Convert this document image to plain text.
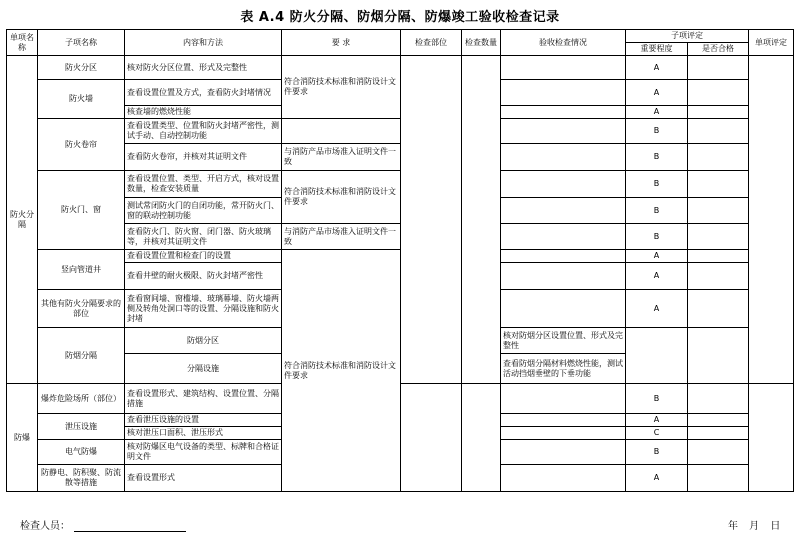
表 A.4 防火分隔、防烟分隔、防爆竣工验收检查记录
单项名称	子项名称	内容和方法	要 求	检查部位	检查数量	验收检查情况	子项评定		单项评定	
							重要程度	是否合格		
防火分隔	防火分区	核对防火分区位置、形式及完整性	符合消防技术标准和消防设计文件要求				A			
	防火墙	查看设置位置及方式，查看防火封堵情况					A			
		核查墙的燃烧性能					A			
	防火卷帘	查看设置类型、位置和防火封堵严密性，测试手动、自动控制功能					B			
		查看防火卷帘，并核对其证明文件	与消防产品市场准入证明文件一致				B			
	防火门、窗	查看设置位置、类型、开启方式，核对设置数量，检查安装质量	符合消防技术标准和消防设计文件要求				B			
		测试常闭防火门的自闭功能，常开防火门、窗的联动控制功能					B			
		查看防火门、防火窗、闭门器、防火玻璃等，并核对其证明文件	与消防产品市场准入证明文件一致				B			
	竖向管道井	查看设置位置和检查门的设置	符合消防技术标准和消防设计文件要求				A			
		查看井壁的耐火极限、防火封堵严密性					A			
	其他有防火分隔要求的部位	查看窗间墙、窗槛墙、玻璃幕墙、防火墙两侧及转角处洞口等的设置、分隔设施和防火封堵					A			
	防烟分隔	防烟分区				核对防烟分区设置位置、形式及完整性						
		分隔设施				查看防烟分隔材料燃烧性能，测试活动挡烟垂壁的下垂功能			
防爆	爆炸危险场所（部位）	查看设置形式、建筑结构、设置位置、分隔措施					B			
	泄压设施	查看泄压设施的设置					A			
		核对泄压口面积、泄压形式					C			
	电气防爆	核对防爆区电气设备的类型、标牌和合格证明文件					B			
	防静电、防积聚、防流散等措施	查看设置形式					A			
检查人员：	年 月 日
